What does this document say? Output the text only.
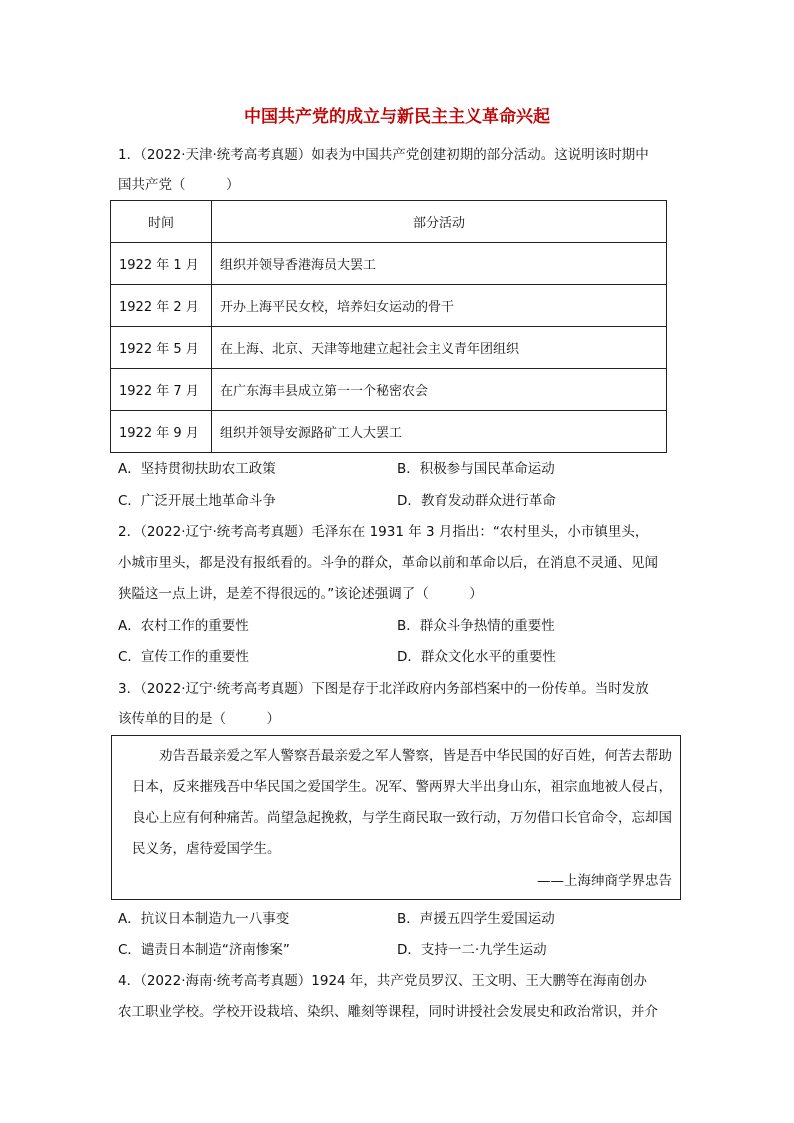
中国共产党的成立与新民主主义革命兴起
1．（2022·天津·统考高考真题）如表为中国共产党创建初期的部分活动。这说明该时期中
国共产党（　　　）
时间	部分活动
1922 年 1 月	组织并领导香港海员大罢工
1922 年 2 月	开办上海平民女校，培养妇女运动的骨干
1922 年 5 月	在上海、北京、天津等地建立起社会主义青年团组织
1922 年 7 月	在广东海丰县成立第一一个秘密农会
1922 年 9 月	组织并领导安源路矿工人大罢工
A．坚持贯彻扶助农工政策	B．积极参与国民革命运动
C．广泛开展土地革命斗争	D．教育发动群众进行革命
2．（2022·辽宁·统考高考真题）毛泽东在 1931 年 3 月指出：“农村里头，小市镇里头，
小城市里头，都是没有报纸看的。斗争的群众，革命以前和革命以后，在消息不灵通、见闻
狭隘这一点上讲，是差不得很远的。”该论述强调了（　　　）
A．农村工作的重要性	B．群众斗争热情的重要性
C．宣传工作的重要性	D．群众文化水平的重要性
3．（2022·辽宁·统考高考真题）下图是存于北洋政府内务部档案中的一份传单。当时发放
该传单的目的是（　　　）
　　劝告吾最亲爱之军人警察吾最亲爱之军人警察，皆是吾中华民国的好百姓，何苦去帮助
日本，反来摧残吾中华民国之爱国学生。况军、警两界大半出身山东，祖宗血地被人侵占，
良心上应有何种痛苦。尚望急起挽救，与学生商民取一致行动，万勿借口长官命令，忘却国
民义务，虐待爱国学生。
——上海绅商学界忠告
A．抗议日本制造九一八事变	B．声援五四学生爱国运动
C．谴责日本制造“济南惨案”	D．支持一二·九学生运动
4．（2022·海南·统考高考真题）1924 年，共产党员罗汉、王文明、王大鹏等在海南创办
农工职业学校。学校开设栽培、染织、雕刻等课程，同时讲授社会发展史和政治常识，并介
